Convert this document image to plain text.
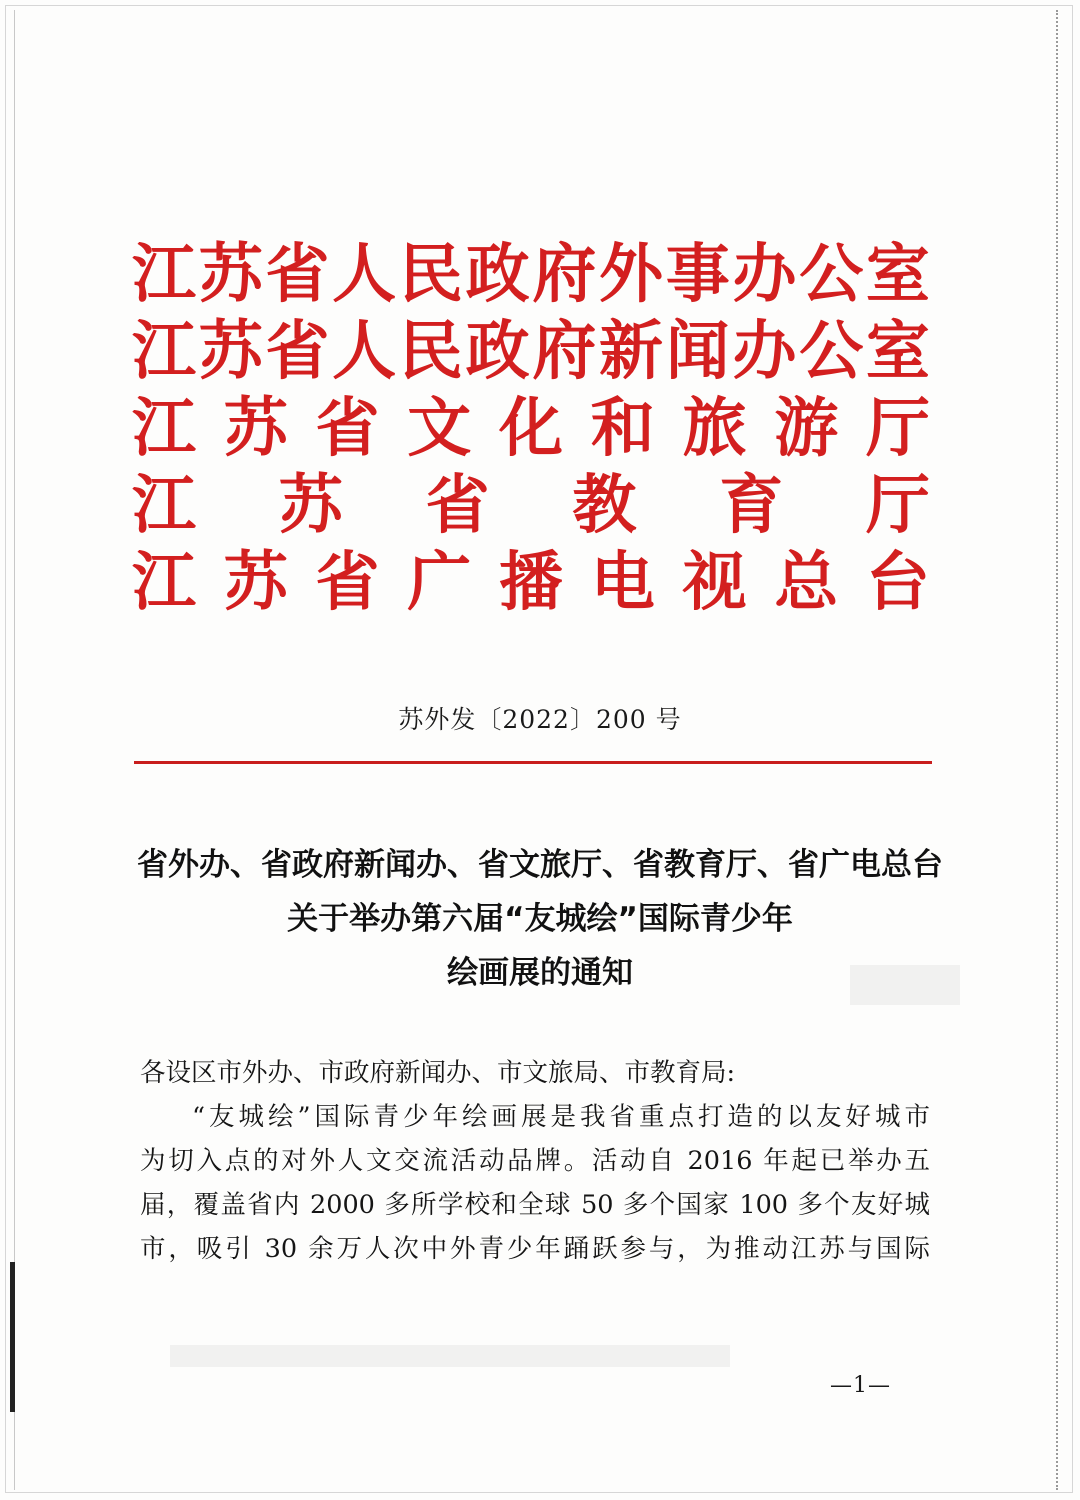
江 苏 省 人 民 政 府 外 事 办 公 室
江 苏 省 人 民 政 府 新 闻 办 公 室
江 苏 省 文 化 和 旅 游 厅
江 苏 省 教 育 厅
江 苏 省 广 播 电 视 总 台
苏外发〔2022〕200 号
省外办、省政府新闻办、省文旅厅、省教育厅、省广电总台
关于举办第六届“友城绘”国际青少年
绘画展的通知
各设区市外办、市政府新闻办、市文旅局、市教育局:
“友城绘”国际青少年绘画展是我省重点打造的以友好城市
为切入点的对外人文交流活动品牌。活动自 2016 年起已举办五
届，覆盖省内 2000 多所学校和全球 50 多个国家 100 多个友好城
市，吸引 30 余万人次中外青少年踊跃参与，为推动江苏与国际
—1—
